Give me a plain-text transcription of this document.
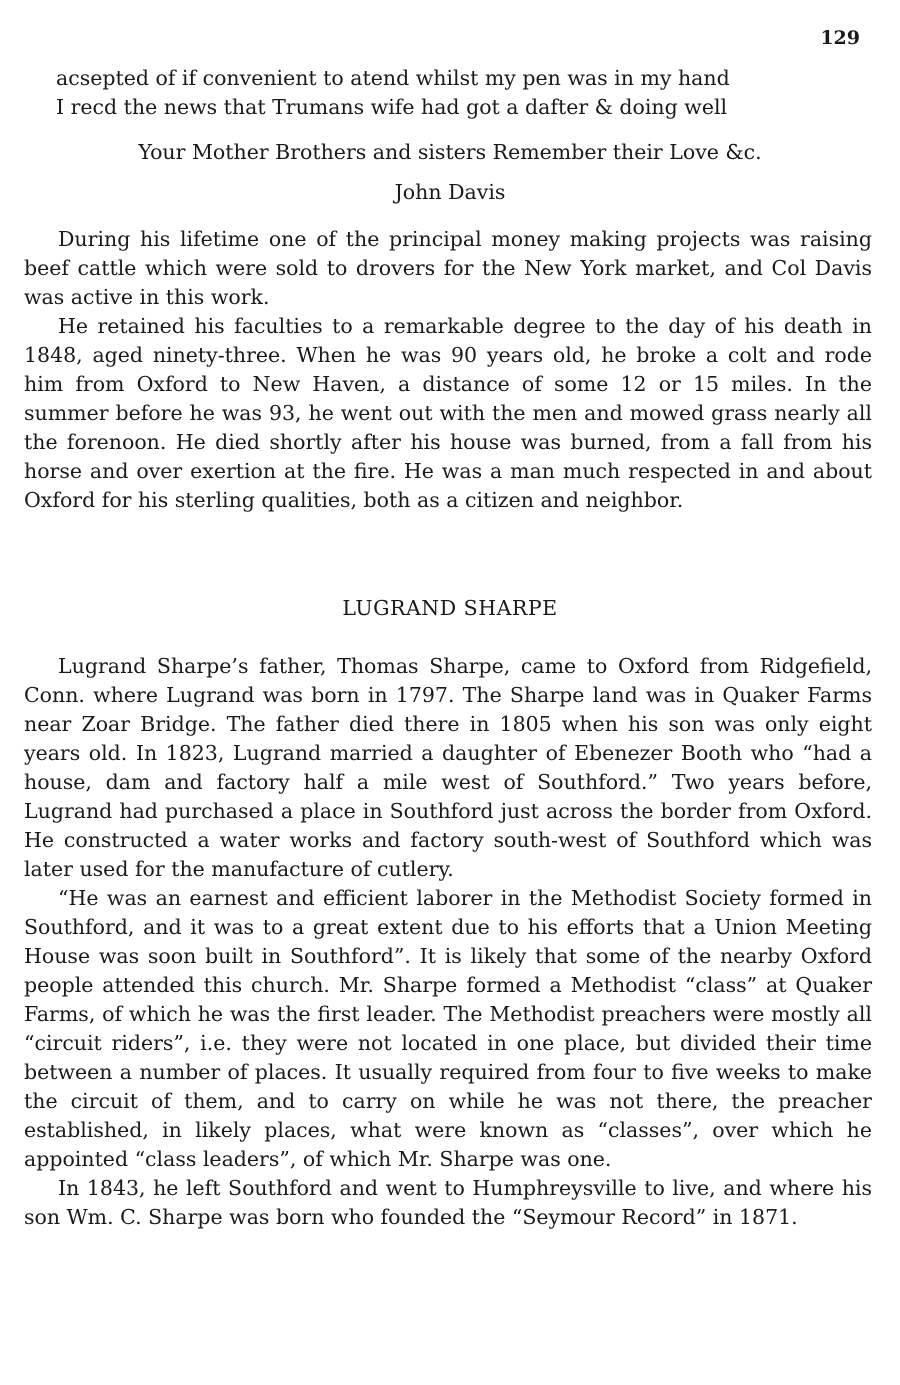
129
acsepted of if convenient to atend whilst my pen was in my hand
I recd the news that Trumans wife had got a dafter & doing well
Your Mother Brothers and sisters Remember their Love &c.
John Davis

During his lifetime one of the principal money making projects was raising beef cattle which were sold to drovers for the New York market, and Col Davis was active in this work.

He retained his faculties to a remarkable degree to the day of his death in 1848, aged ninety-three. When he was 90 years old, he broke a colt and rode him from Oxford to New Haven, a distance of some 12 or 15 miles. In the summer before he was 93, he went out with the men and mowed grass nearly all the forenoon. He died shortly after his house was burned, from a fall from his horse and over exertion at the fire. He was a man much respected in and about Oxford for his sterling qualities, both as a citizen and neighbor.

LUGRAND SHARPE

Lugrand Sharpe’s father, Thomas Sharpe, came to Oxford from Ridgefield, Conn. where Lugrand was born in 1797. The Sharpe land was in Quaker Farms near Zoar Bridge. The father died there in 1805 when his son was only eight years old. In 1823, Lugrand married a daughter of Ebenezer Booth who “had a house, dam and factory half a mile west of Southford.” Two years before, Lugrand had purchased a place in Southford just across the border from Oxford. He constructed a water works and factory south-west of Southford which was later used for the manufacture of cutlery.

“He was an earnest and efficient laborer in the Methodist Society formed in Southford, and it was to a great extent due to his efforts that a Union Meeting House was soon built in Southford”. It is likely that some of the nearby Oxford people attended this church. Mr. Sharpe formed a Methodist “class” at Quaker Farms, of which he was the first leader. The Methodist preachers were mostly all “circuit riders”, i.e. they were not located in one place, but divided their time between a number of places. It usually required from four to five weeks to make the circuit of them, and to carry on while he was not there, the preacher established, in likely places, what were known as “classes”, over which he appointed “class leaders”, of which Mr. Sharpe was one.

In 1843, he left Southford and went to Humphreysville to live, and where his son Wm. C. Sharpe was born who founded the “Seymour Record” in 1871.
